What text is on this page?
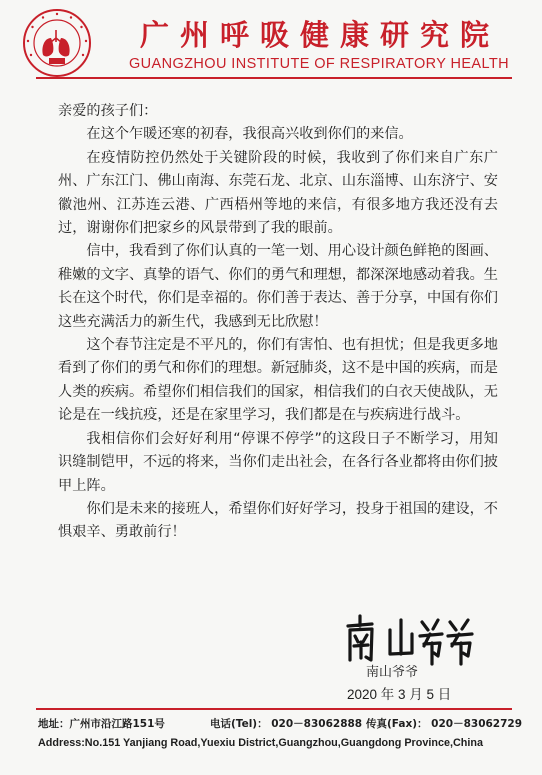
广州呼吸健康研究院
GUANGZHOU INSTITUTE OF RESPIRATORY HEALTH

亲爱的孩子们：

在这个乍暖还寒的初春，我很高兴收到你们的来信。

在疫情防控仍然处于关键阶段的时候，我收到了你们来自广东广州、广东江门、佛山南海、东莞石龙、北京、山东淄博、山东济宁、安徽池州、江苏连云港、广西梧州等地的来信，有很多地方我还没有去过，谢谢你们把家乡的风景带到了我的眼前。

信中，我看到了你们认真的一笔一划、用心设计颜色鲜艳的图画、稚嫩的文字、真挚的语气、你们的勇气和理想，都深深地感动着我。生长在这个时代，你们是幸福的。你们善于表达、善于分享，中国有你们这些充满活力的新生代，我感到无比欣慰！

这个春节注定是不平凡的，你们有害怕、也有担忧；但是我更多地看到了你们的勇气和你们的理想。新冠肺炎，这不是中国的疾病，而是人类的疾病。希望你们相信我们的国家，相信我们的白衣天使战队，无论是在一线抗疫，还是在家里学习，我们都是在与疾病进行战斗。

我相信你们会好好利用“停课不停学”的这段日子不断学习，用知识缝制铠甲，不远的将来，当你们走出社会，在各行各业都将由你们披甲上阵。

你们是未来的接班人，希望你们好好学习，投身于祖国的建设，不惧艰辛、勇敢前行！

南山爷爷
2020 年 3 月 5 日
地址：广州市沿江路151号	电话(Tel)： 020－83062888 传真(Fax)： 020－83062729
Address:No.151 Yanjiang Road,Yuexiu District,Guangzhou,Guangdong Province,China
